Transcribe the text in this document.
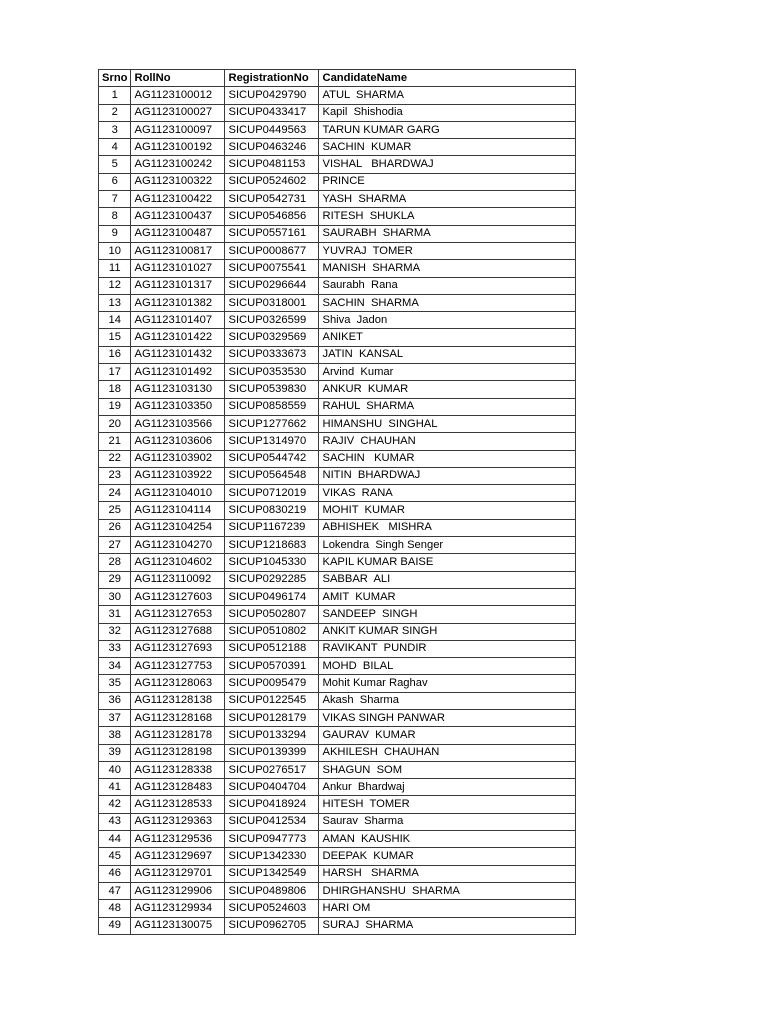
Srno	RollNo	RegistrationNo	CandidateName
1	AG1123100012	SICUP0429790	ATUL  SHARMA
2	AG1123100027	SICUP0433417	Kapil  Shishodia
3	AG1123100097	SICUP0449563	TARUN KUMAR GARG
4	AG1123100192	SICUP0463246	SACHIN  KUMAR
5	AG1123100242	SICUP0481153	VISHAL   BHARDWAJ
6	AG1123100322	SICUP0524602	PRINCE
7	AG1123100422	SICUP0542731	YASH  SHARMA
8	AG1123100437	SICUP0546856	RITESH  SHUKLA
9	AG1123100487	SICUP0557161	SAURABH  SHARMA
10	AG1123100817	SICUP0008677	YUVRAJ  TOMER
11	AG1123101027	SICUP0075541	MANISH  SHARMA
12	AG1123101317	SICUP0296644	Saurabh  Rana
13	AG1123101382	SICUP0318001	SACHIN  SHARMA
14	AG1123101407	SICUP0326599	Shiva  Jadon
15	AG1123101422	SICUP0329569	ANIKET
16	AG1123101432	SICUP0333673	JATIN  KANSAL
17	AG1123101492	SICUP0353530	Arvind  Kumar
18	AG1123103130	SICUP0539830	ANKUR  KUMAR
19	AG1123103350	SICUP0858559	RAHUL  SHARMA
20	AG1123103566	SICUP1277662	HIMANSHU  SINGHAL
21	AG1123103606	SICUP1314970	RAJIV  CHAUHAN
22	AG1123103902	SICUP0544742	SACHIN   KUMAR
23	AG1123103922	SICUP0564548	NITIN  BHARDWAJ
24	AG1123104010	SICUP0712019	VIKAS  RANA
25	AG1123104114	SICUP0830219	MOHIT  KUMAR
26	AG1123104254	SICUP1167239	ABHISHEK   MISHRA
27	AG1123104270	SICUP1218683	Lokendra  Singh Senger
28	AG1123104602	SICUP1045330	KAPIL KUMAR BAISE
29	AG1123110092	SICUP0292285	SABBAR  ALI
30	AG1123127603	SICUP0496174	AMIT  KUMAR
31	AG1123127653	SICUP0502807	SANDEEP  SINGH
32	AG1123127688	SICUP0510802	ANKIT KUMAR SINGH
33	AG1123127693	SICUP0512188	RAVIKANT  PUNDIR
34	AG1123127753	SICUP0570391	MOHD  BILAL
35	AG1123128063	SICUP0095479	Mohit Kumar Raghav
36	AG1123128138	SICUP0122545	Akash  Sharma
37	AG1123128168	SICUP0128179	VIKAS SINGH PANWAR
38	AG1123128178	SICUP0133294	GAURAV  KUMAR
39	AG1123128198	SICUP0139399	AKHILESH  CHAUHAN
40	AG1123128338	SICUP0276517	SHAGUN  SOM
41	AG1123128483	SICUP0404704	Ankur  Bhardwaj
42	AG1123128533	SICUP0418924	HITESH  TOMER
43	AG1123129363	SICUP0412534	Saurav  Sharma
44	AG1123129536	SICUP0947773	AMAN  KAUSHIK
45	AG1123129697	SICUP1342330	DEEPAK  KUMAR
46	AG1123129701	SICUP1342549	HARSH   SHARMA
47	AG1123129906	SICUP0489806	DHIRGHANSHU  SHARMA
48	AG1123129934	SICUP0524603	HARI OM
49	AG1123130075	SICUP0962705	SURAJ  SHARMA
